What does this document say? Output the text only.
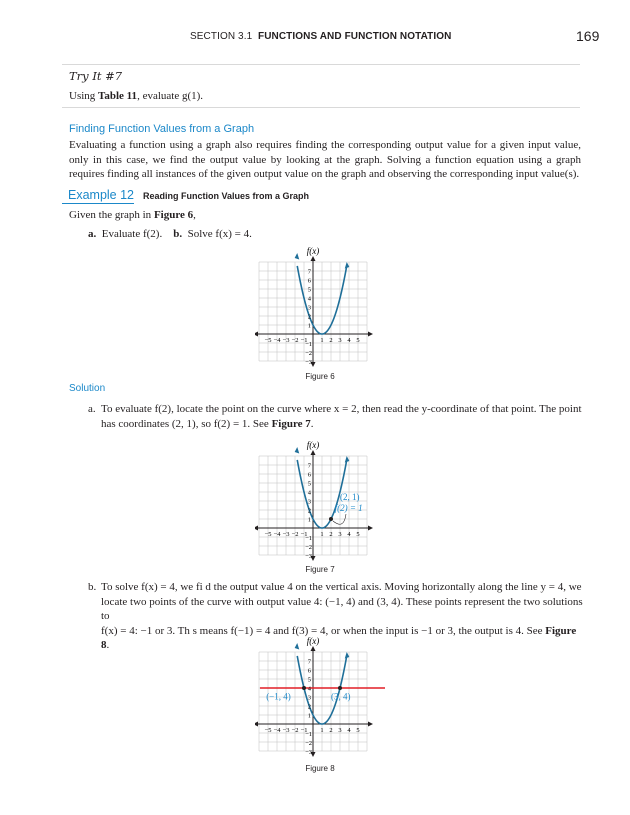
SECTION 3.1 FUNCTIONS AND FUNCTION NOTATION	169
Try It #7
Using Table 11, evaluate g(1).
Finding Function Values from a Graph
Evaluating a function using a graph also requires finding the corresponding output value for a given input value, only in this case, we find the output value by looking at the graph. Solving a function equation using a graph requires finding all instances of the given output value on the graph and observing the corresponding input value(s).
Example 12 Reading Function Values from a Graph
Given the graph in Figure 6,
a. Evaluate f(2). b. Solve f(x) = 4.
−5 −4 −3 −2 −1 1 2 3 4 5
1
2
3
4
5
6
7
−1
−2
−3
f(x)
Figure 6
Solution
a. To evaluate f(2), locate the point on the curve where x = 2, then read the y-coordinate of that point. The point
has coordinates (2, 1), so f(2) = 1. See Figure 7.
−5 −4 −3 −2 −1 1 2 3 4 5
1
2
3
4
5
6
7
−1
−2
−3
f(x)
(2, 1)
f(2) = 1
Figure 7
b. To solve f(x) = 4, we fi d the output value 4 on the vertical axis. Moving horizontally along the line y = 4, we
locate two points of the curve with output value 4: (−1, 4) and (3, 4). These points represent the two solutions to
f(x) = 4: −1 or 3. Th s means f(−1) = 4 and f(3) = 4, or when the input is −1 or 3, the output is 4. See Figure 8.
−5 −4 −3 −2 −1 1 2 3 4 5
1
2
3
4
5
6
7
−1
−2
−3
f(x)
(−1, 4)	(3, 4)
Figure 8
